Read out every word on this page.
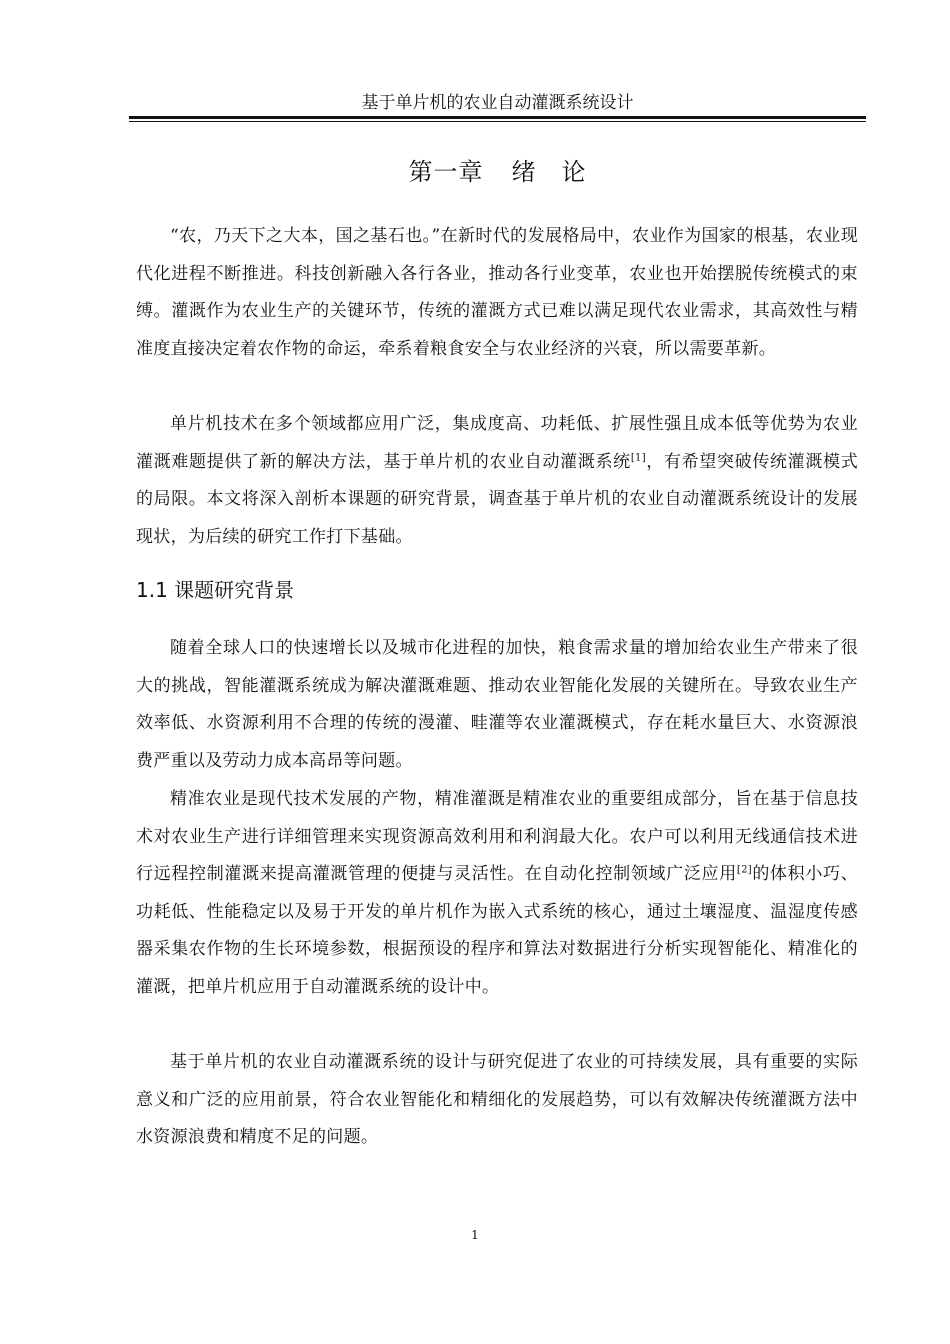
基于单片机的农业自动灌溉系统设计
第一章 绪　论

“农，乃天下之大本，国之基石也。”在新时代的发展格局中，农业作为国家的根基，农业现代化进程不断推进。科技创新融入各行各业，推动各行业变革，农业也开始摆脱传统模式的束缚。灌溉作为农业生产的关键环节，传统的灌溉方式已难以满足现代农业需求，其高效性与精准度直接决定着农作物的命运，牵系着粮食安全与农业经济的兴衰，所以需要革新。

单片机技术在多个领域都应用广泛，集成度高、功耗低、扩展性强且成本低等优势为农业灌溉难题提供了新的解决方法，基于单片机的农业自动灌溉系统[1]，有希望突破传统灌溉模式的局限。本文将深入剖析本课题的研究背景，调查基于单片机的农业自动灌溉系统设计的发展现状，为后续的研究工作打下基础。

1.1 课题研究背景

随着全球人口的快速增长以及城市化进程的加快，粮食需求量的增加给农业生产带来了很大的挑战，智能灌溉系统成为解决灌溉难题、推动农业智能化发展的关键所在。导致农业生产效率低、水资源利用不合理的传统的漫灌、畦灌等农业灌溉模式，存在耗水量巨大、水资源浪费严重以及劳动力成本高昂等问题。

精准农业是现代技术发展的产物，精准灌溉是精准农业的重要组成部分，旨在基于信息技术对农业生产进行详细管理来实现资源高效利用和利润最大化。农户可以利用无线通信技术进行远程控制灌溉来提高灌溉管理的便捷与灵活性。在自动化控制领域广泛应用[2]的体积小巧、功耗低、性能稳定以及易于开发的单片机作为嵌入式系统的核心，通过土壤湿度、温湿度传感器采集农作物的生长环境参数，根据预设的程序和算法对数据进行分析实现智能化、精准化的灌溉，把单片机应用于自动灌溉系统的设计中。

基于单片机的农业自动灌溉系统的设计与研究促进了农业的可持续发展，具有重要的实际意义和广泛的应用前景，符合农业智能化和精细化的发展趋势，可以有效解决传统灌溉方法中水资源浪费和精度不足的问题。

1
